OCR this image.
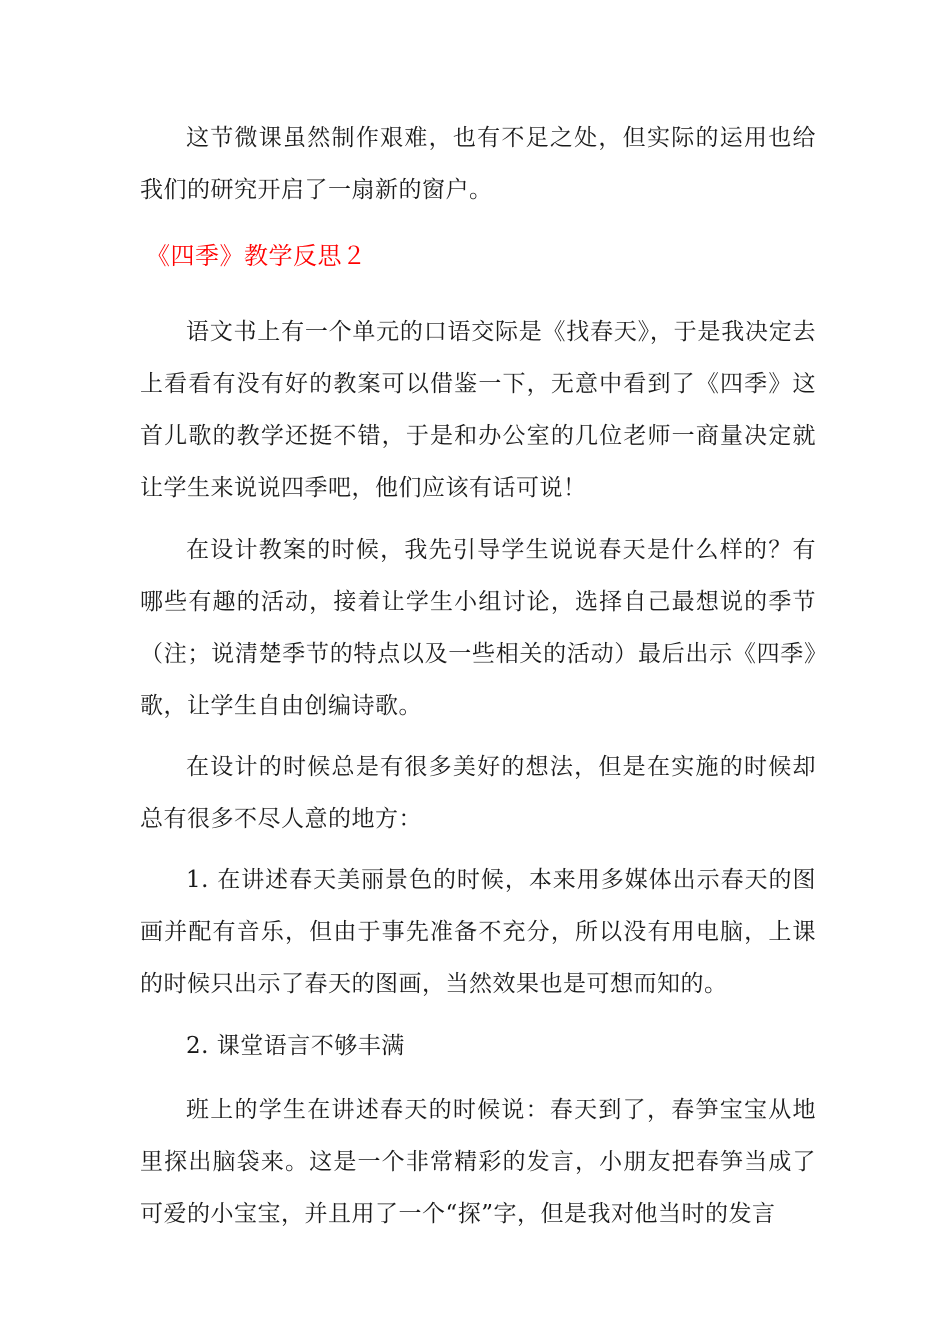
这节微课虽然制作艰难，也有不足之处，但实际的运用也给我们的研究开启了一扇新的窗户。

《四季》教学反思２

语文书上有一个单元的口语交际是《找春天》，于是我决定去上看看有没有好的教案可以借鉴一下，无意中看到了《四季》这首儿歌的教学还挺不错，于是和办公室的几位老师一商量决定就让学生来说说四季吧，他们应该有话可说！

在设计教案的时候，我先引导学生说说春天是什么样的？有哪些有趣的活动，接着让学生小组讨论，选择自己最想说的季节（注；说清楚季节的特点以及一些相关的活动）最后出示《四季》歌，让学生自由创编诗歌。

在设计的时候总是有很多美好的想法，但是在实施的时候却总有很多不尽人意的地方：

1. 在讲述春天美丽景色的时候，本来用多媒体出示春天的图画并配有音乐，但由于事先准备不充分，所以没有用电脑，上课的时候只出示了春天的图画，当然效果也是可想而知的。

2. 课堂语言不够丰满

班上的学生在讲述春天的时候说：春天到了，春笋宝宝从地里探出脑袋来。这是一个非常精彩的发言，小朋友把春笋当成了可爱的小宝宝，并且用了一个“探”字，但是我对他当时的发言
